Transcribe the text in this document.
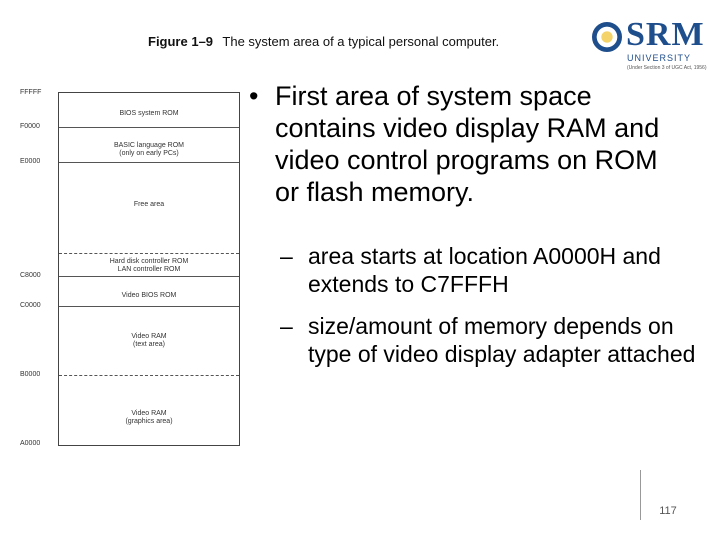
Figure 1–9 The system area of a typical personal computer.	SRM
UNIVERSITY
(Under Section 3 of UGC Act, 1956)
FFFFF
F0000
E0000
C8000
C0000
B0000
A0000
BIOS system ROM
BASIC language ROM
(only on early PCs)
Free area
Hard disk controller ROM
LAN controller ROM
Video BIOS ROM
Video RAM
(text area)
Video RAM
(graphics area)
• First area of system space contains video display RAM and video control programs on ROM or flash memory.
– area starts at location A0000H and extends to C7FFFH
– size/amount of memory depends on type of video display adapter attached
117
